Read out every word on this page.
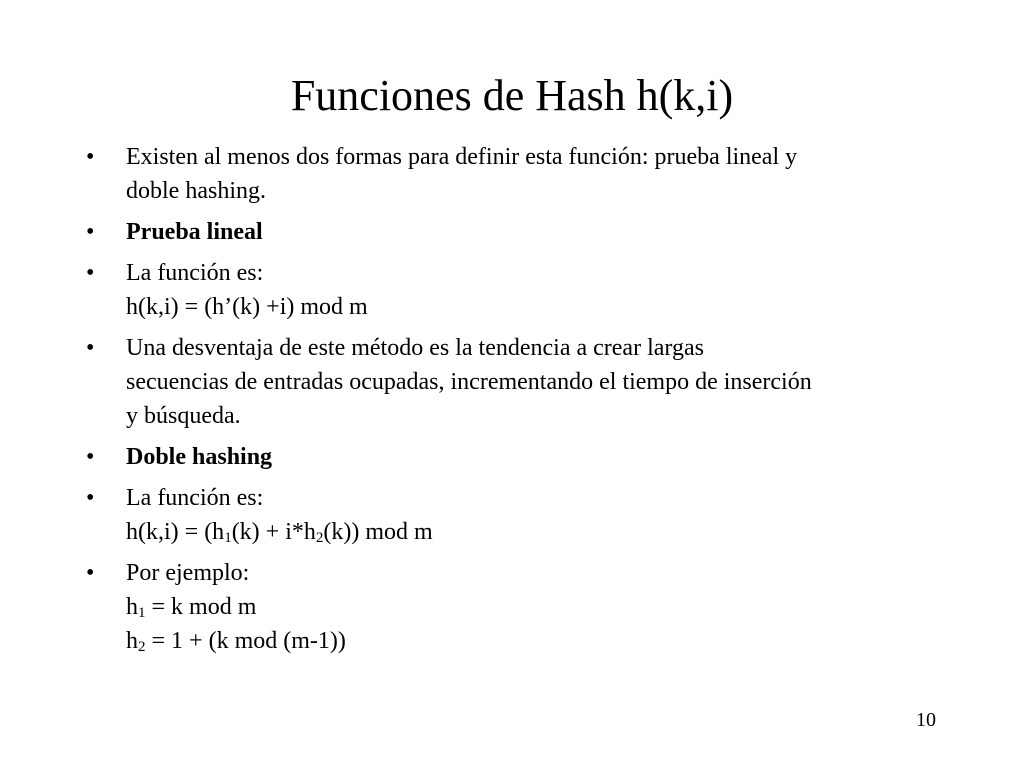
Funciones de Hash h(k,i)
• Existen al menos dos formas para definir esta función: prueba lineal y
doble hashing.
• Prueba lineal
• La función es:
h(k,i) = (h’(k) +i) mod m
• Una desventaja de este método es la tendencia a crear largas
secuencias de entradas ocupadas, incrementando el tiempo de inserción
y búsqueda.
• Doble hashing
• La función es:
$h(k,i) = (h_1(k) + i*h_2(k))$ mod m
• Por ejemplo:
$h_1 = k$ mod m
$h_2 = 1 + (k$ mod (m-1))
10
